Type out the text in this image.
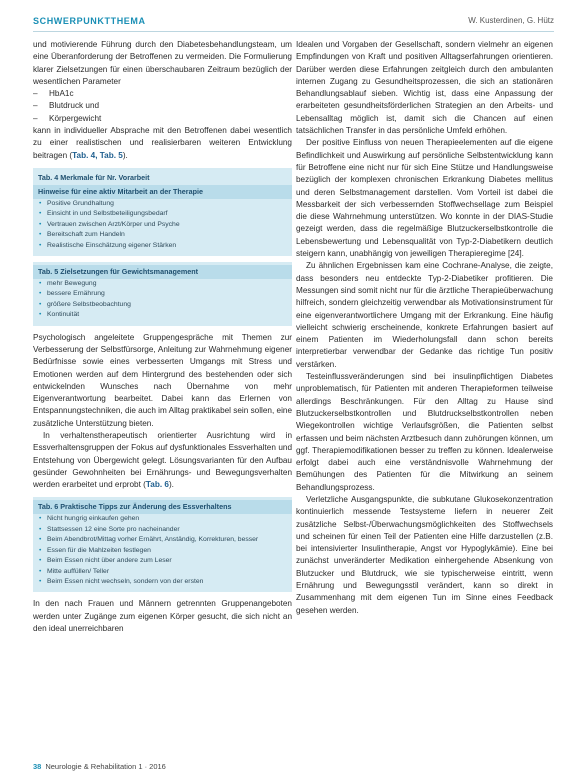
SCHWERPUNKTTHEMA	W. Kusterdinen, G. Hütz

und motivierende Führung durch den Diabetesbehandlungsteam, um eine Überanforderung der Betroffenen zu vermeiden. Die Formulierung klarer Zielsetzungen für einen überschaubaren Zeitraum bezüglich der wesentlichen Parameter

– HbA1c
– Blutdruck und
– Körpergewicht

kann in individueller Absprache mit den Betroffenen dabei wesentlich zu einer realistischen und realisierbaren weiteren Entwicklung beitragen (Tab. 4, Tab. 5).

Tab. 4 Merkmale für Nr. Vorarbeit
Hinweise für eine aktiv Mitarbeit an der Therapie
• Positive Grundhaltung
• Einsicht in und Selbstbeteiligungsbedarf
• Vertrauen zwischen Arzt/Körper und Psyche
• Bereitschaft zum Handeln
• Realistische Einschätzung eigener Stärken
Tab. 5 Zielsetzungen für Gewichtsmanagement
• mehr Bewegung
• bessere Ernährung
• größere Selbstbeobachtung
• Kontinuität

Psychologisch angeleitete Gruppengespräche mit Themen zur Verbesserung der Selbstfürsorge, Anleitung zur Wahrnehmung eigener Bedürfnisse sowie eines verbesserten Umgangs mit Stress und Emotionen werden auf dem Hintergrund des bestehenden oder sich entwickelnden Wunsches nach Übernahme von mehr Eigenverantwortung bearbeitet. Dabei kann das Erlernen von Entspannungstechniken, die auch im Alltag praktikabel sein sollen, eine zusätzliche Unterstützung bieten.

In verhaltenstherapeutisch orientierter Ausrichtung wird in Essverhaltensgruppen der Fokus auf dysfunktionales Essverhalten und Entstehung von Übergewicht gelegt. Lösungsvarianten für den Aufbau gesünder Gewohnheiten bei Ernährungs- und Bewegungsverhalten werden erarbeitet und erprobt (Tab. 6).

Tab. 6 Praktische Tipps zur Änderung des Essverhaltens
• Nicht hungrig einkaufen gehen
• Stattsessen 12 eine Sorte pro nacheinander
• Beim Abendbrot/Mittag vorher Ernährt, Anständig, Korrekturen, besser
• Essen für die Mahlzeiten festlegen
• Beim Essen nicht über andere zum Leser
• Mitte auffüllen/ Teller
• Beim Essen nicht wechseln, sondern von der ersten

In den nach Frauen und Männern getrennten Gruppenangeboten werden unter Zugänge zum eigenen Körper gesucht, die sich nicht an den ideal unerreichbaren

Idealen und Vorgaben der Gesellschaft, sondern vielmehr an eigenen Empfindungen von Kraft und positiven Alltagserfahrungen orientieren. Darüber werden diese Erfahrungen zeitgleich durch den ambulanten internen Zugang zu Gesundheitsprozessen, die sich an stationären Behandlungsablauf sieben. Wichtig ist, dass eine Anpassung der erarbeiteten gesundheitsförderlichen Strategien an den Arbeits- und Lebensalltag möglich ist, damit sich die Chancen auf einen tatsächlichen Transfer in das persönliche Umfeld erhöhen.

Der positive Einfluss von neuen Therapieelementen auf die eigene Befindlichkeit und Auswirkung auf persönliche Selbstentwicklung kann für Betroffene eine nicht nur für sich Eine Stütze und Handlungsweise bezüglich der komplexen chronischen Erkrankung Diabetes mellitus und deren Selbstmanagement darstellen. Vom Vorteil ist dabei die Messbarkeit der sich verbessernden Stoffwechsellage zum Beispiel die diese Wahrnehmung unterstützen. Wo konnte in der DIAS-Studie gezeigt werden, dass die regelmäßige Blutzuckerselbstkontrolle die Lebensbewertung und Lebensqualität von Typ-2-Diabetikern deutlich steigern kann, unabhängig von jeweiligen Therapieregime [24].

Zu ähnlichen Ergebnissen kam eine Cochrane-Analyse, die zeigte, dass besonders neu entdeckte Typ-2-Diabetiker profitieren. Die Messungen sind somit nicht nur für die ärztliche Therapieüberwachung hilfreich, sondern gleichzeitig verwendbar als Motivationsinstrument für eine eigenverantwortlichere Umgang mit der Erkrankung. Eine häufig vielleicht schwierig erscheinende, konkrete Erfahrungen basiert auf einem Patienten im Wiederholungsfall dann schon bereits interpretierbar verwendbar der Gedanke das richtige Tun positiv verstärken.

Testeinflussveränderungen sind bei insulinpflichtigen Diabetes unproblematisch, für Patienten mit anderen Therapieformen teilweise allerdings Beschränkungen. Für den Alltag zu Hause sind Blutzuckerselbstkontrollen und Blutdruckselbstkontrollen neben Wiegekontrollen wichtige Verlaufsgrößen, die Patienten selbst erfassen und beim nächsten Arztbesuch dann zuhörungen können, um ggf. Therapiemodifikationen besser zu treffen zu können. Idealerweise erfolgt dabei auch eine verständnisvolle Wahrnehmung der Bemühungen des Patienten für die Mitwirkung an seinem Behandlungsprozess.

Verletzliche Ausgangspunkte, die subkutane Glukosekonzentration kontinuierlich messende Testsysteme liefern in neuerer Zeit zusätzliche Selbst-/Überwachungsmöglichkeiten des Stoffwechsels und scheinen für einen Teil der Patienten eine Hilfe darzustellen (z.B. bei intensivierter Insulintherapie, Angst vor Hypoglykämie). Eine bei zunächst unveränderter Medikation einhergehende Absenkung von Blutzucker und Blutdruck, wie sie typischerweise eintritt, wenn Ernährung und Bewegungsstil verändert, kann so direkt in Zusammenhang mit dem eigenen Tun im Sinne eines Feedback gesehen werden.

38 Neurologie & Rehabilitation 1 · 2016
